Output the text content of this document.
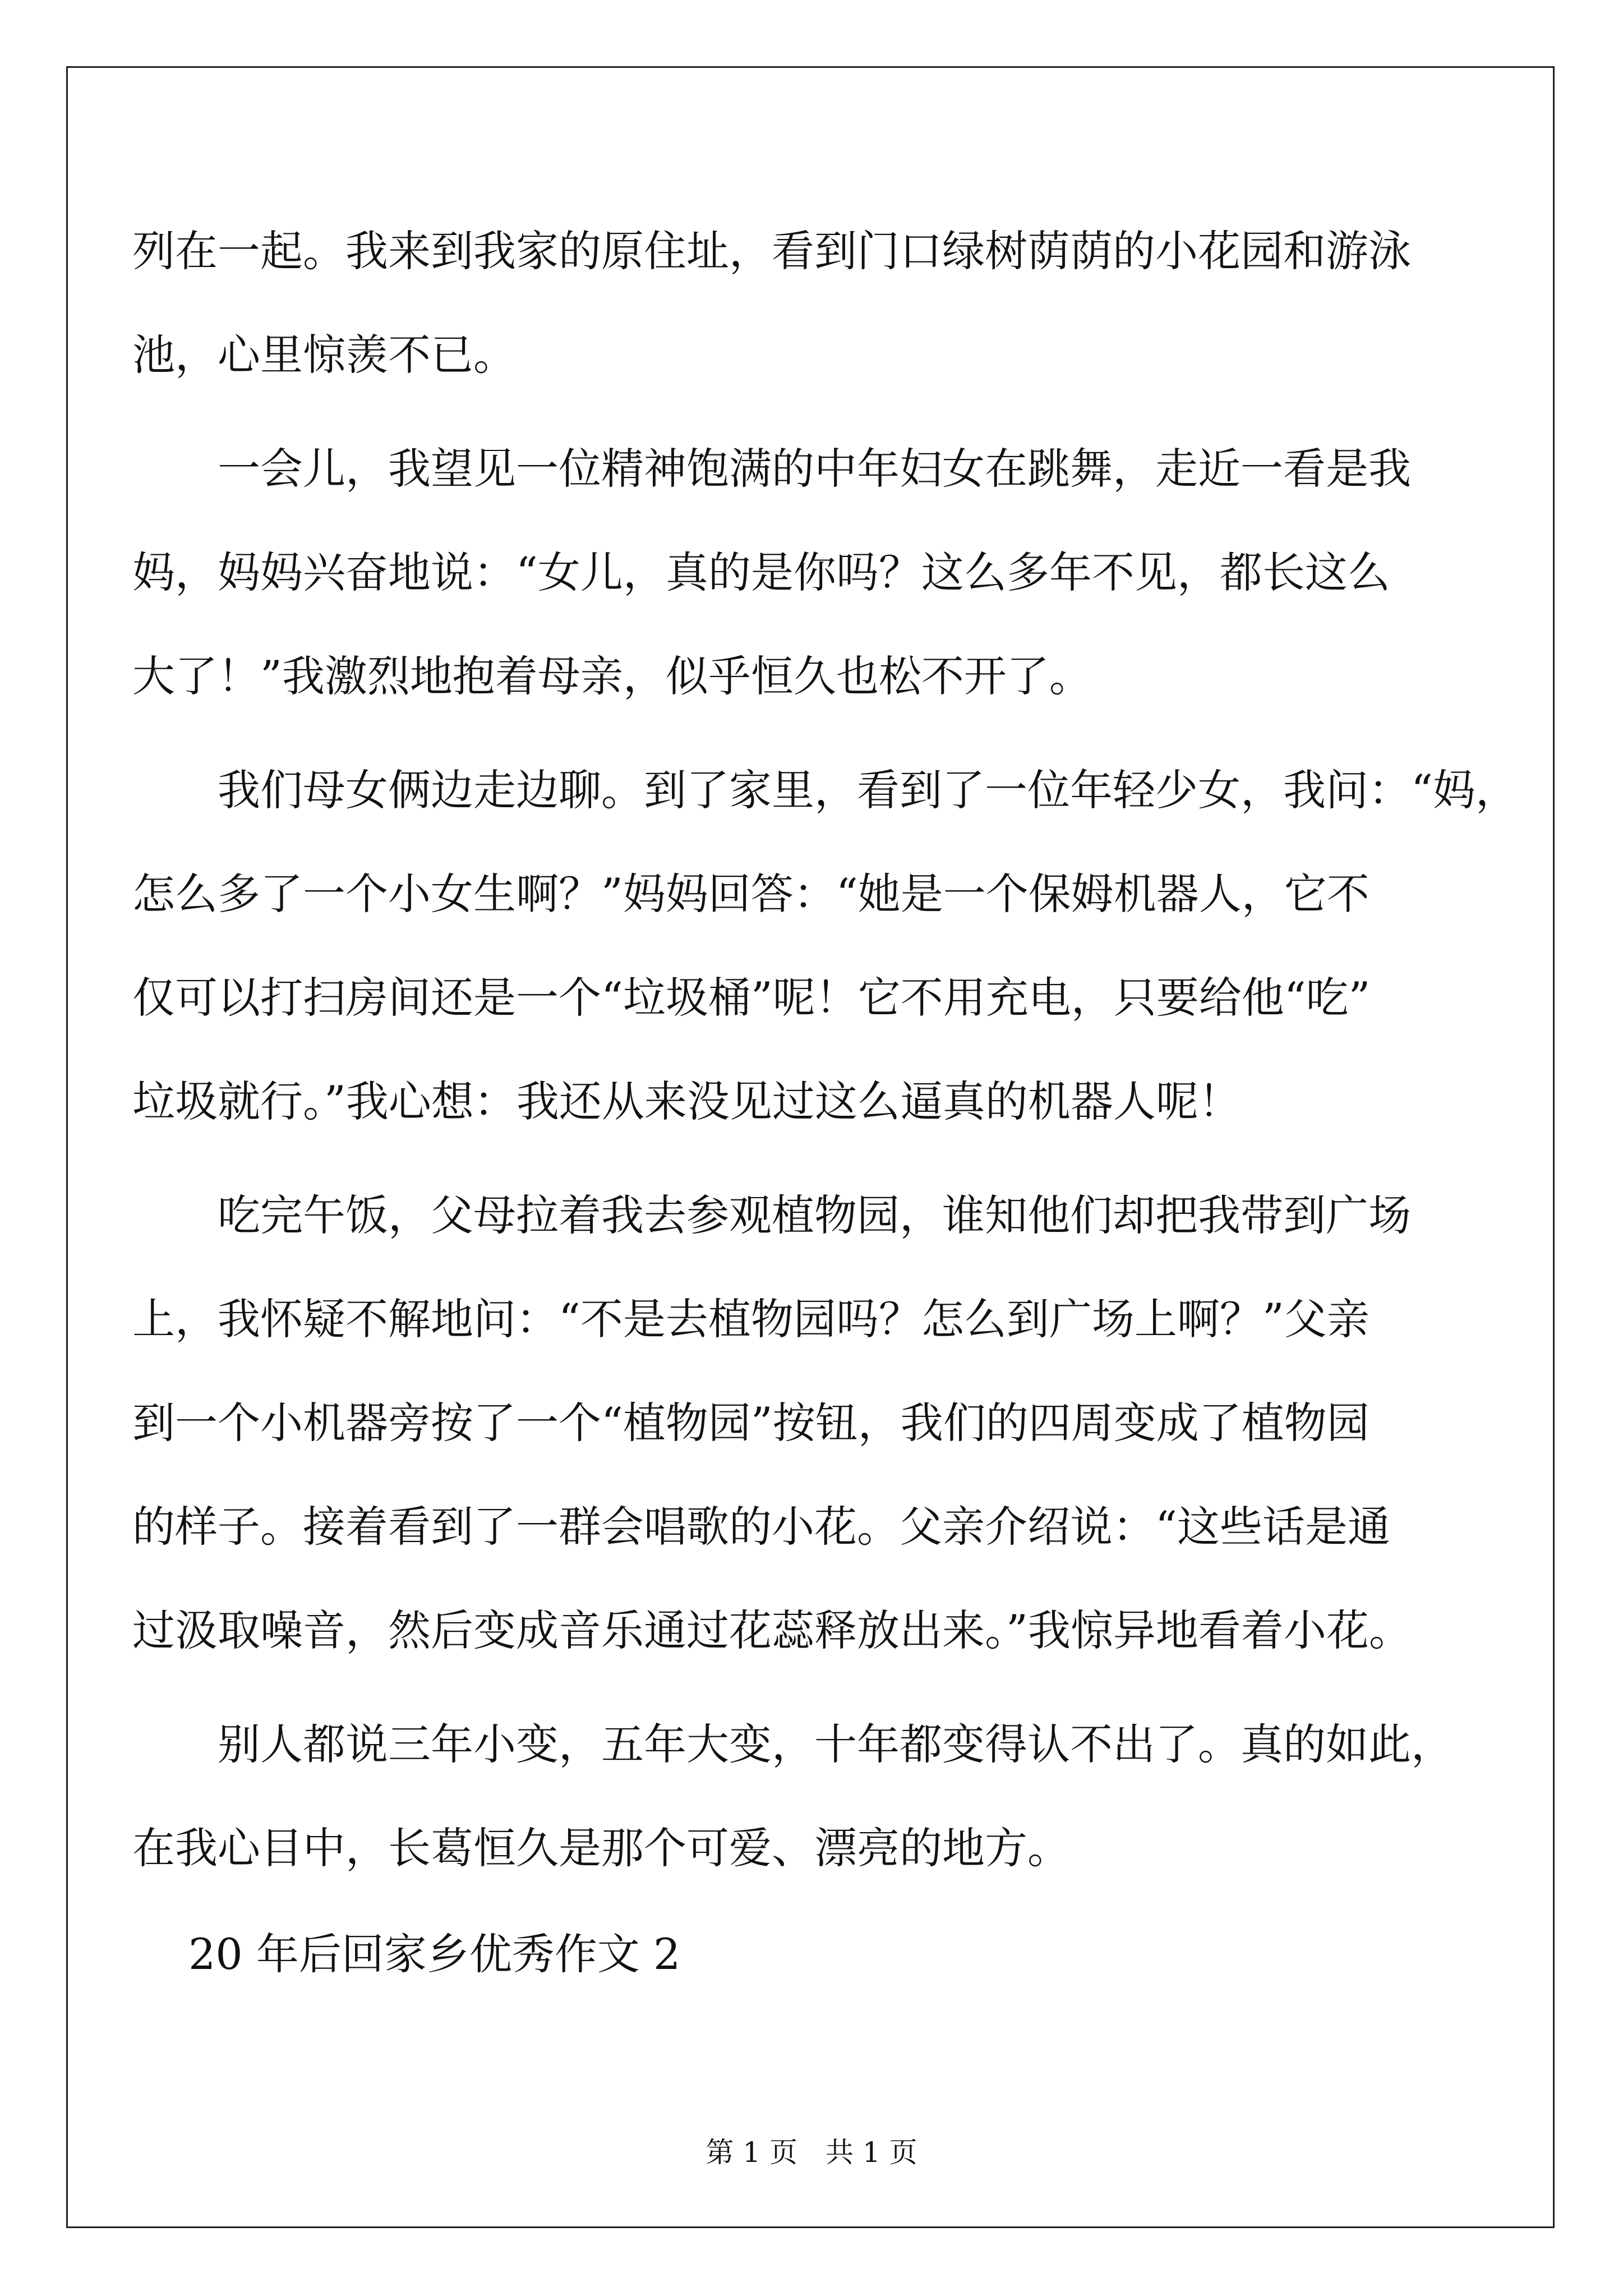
列在一起。我来到我家的原住址，看到门口绿树荫荫的小花园和游泳
池，心里惊羡不已。
一会儿，我望见一位精神饱满的中年妇女在跳舞，走近一看是我
妈，妈妈兴奋地说：“女儿，真的是你吗？这么多年不见，都长这么
大了！”我激烈地抱着母亲，似乎恒久也松不开了。
我们母女俩边走边聊。到了家里，看到了一位年轻少女，我问：“妈，
怎么多了一个小女生啊？”妈妈回答：“她是一个保姆机器人，它不
仅可以打扫房间还是一个“垃圾桶”呢！它不用充电，只要给他“吃”
垃圾就行。”我心想：我还从来没见过这么逼真的机器人呢！
吃完午饭，父母拉着我去参观植物园，谁知他们却把我带到广场
上，我怀疑不解地问：“不是去植物园吗？怎么到广场上啊？”父亲
到一个小机器旁按了一个“植物园”按钮，我们的四周变成了植物园
的样子。接着看到了一群会唱歌的小花。父亲介绍说：“这些话是通
过汲取噪音，然后变成音乐通过花蕊释放出来。”我惊异地看着小花。
别人都说三年小变，五年大变，十年都变得认不出了。真的如此，
在我心目中，长葛恒久是那个可爱、漂亮的地方。
20 年后回家乡优秀作文 2
第 1 页　共 1 页
